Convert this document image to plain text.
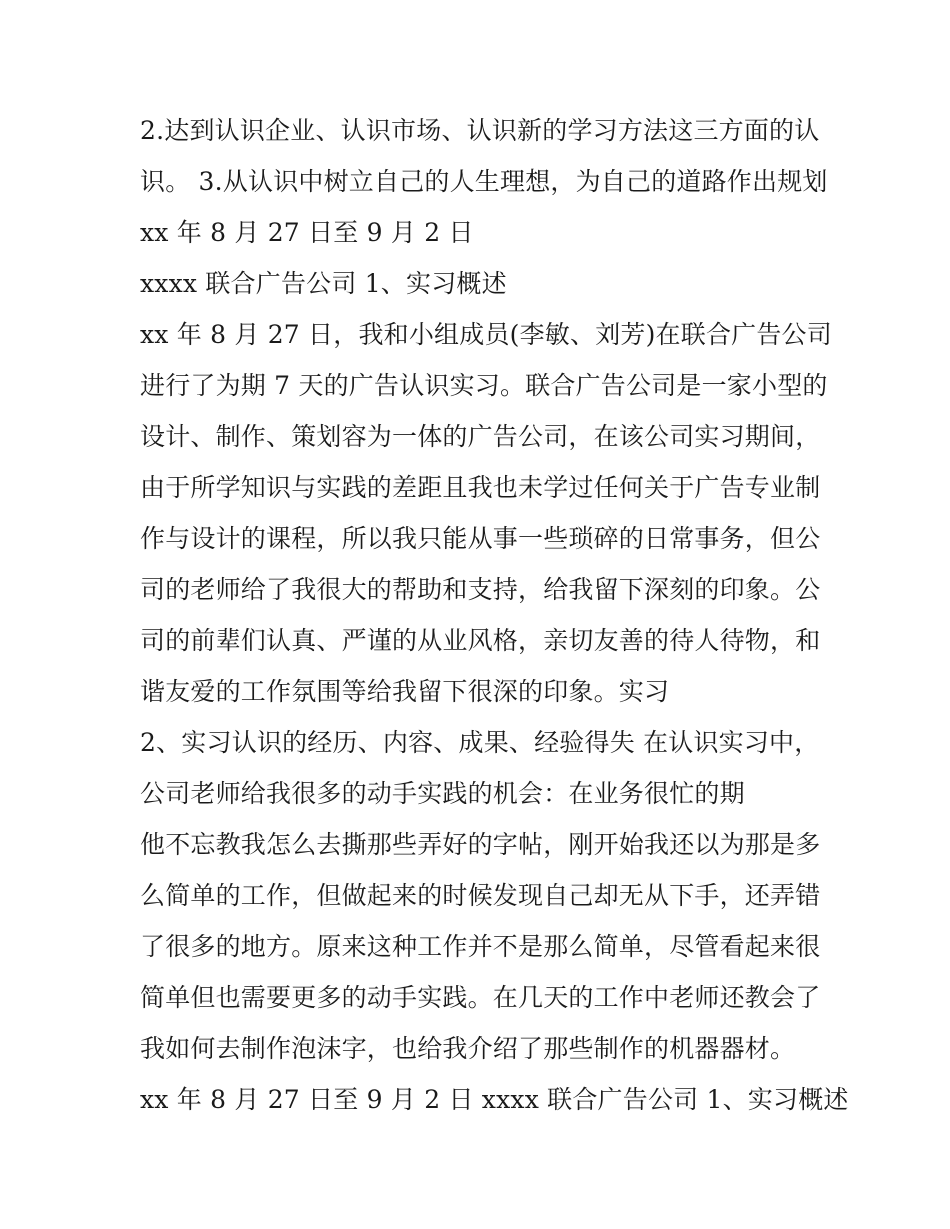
2.达到认识企业、认识市场、认识新的学习方法这三方面的认
识。 3.从认识中树立自己的人生理想，为自己的道路作出规划
xx 年 8 月 27 日至 9 月 2 日
xxxx 联合广告公司 1、实习概述
xx 年 8 月 27 日，我和小组成员(李敏、刘芳)在联合广告公司
进行了为期 7 天的广告认识实习。联合广告公司是一家小型的
设计、制作、策划容为一体的广告公司，在该公司实习期间，
由于所学知识与实践的差距且我也未学过任何关于广告专业制
作与设计的课程，所以我只能从事一些琐碎的日常事务，但公
司的老师给了我很大的帮助和支持，给我留下深刻的印象。公
司的前辈们认真、严谨的从业风格，亲切友善的待人待物，和
谐友爱的工作氛围等给我留下很深的印象。实习
2、实习认识的经历、内容、成果、经验得失 在认识实习中，
公司老师给我很多的动手实践的机会：在业务很忙的期
他不忘教我怎么去撕那些弄好的字帖，刚开始我还以为那是多
么简单的工作，但做起来的时候发现自己却无从下手，还弄错
了很多的地方。原来这种工作并不是那么简单，尽管看起来很
简单但也需要更多的动手实践。在几天的工作中老师还教会了
我如何去制作泡沫字，也给我介绍了那些制作的机器器材。
xx 年 8 月 27 日至 9 月 2 日 xxxx 联合广告公司 1、实习概述
